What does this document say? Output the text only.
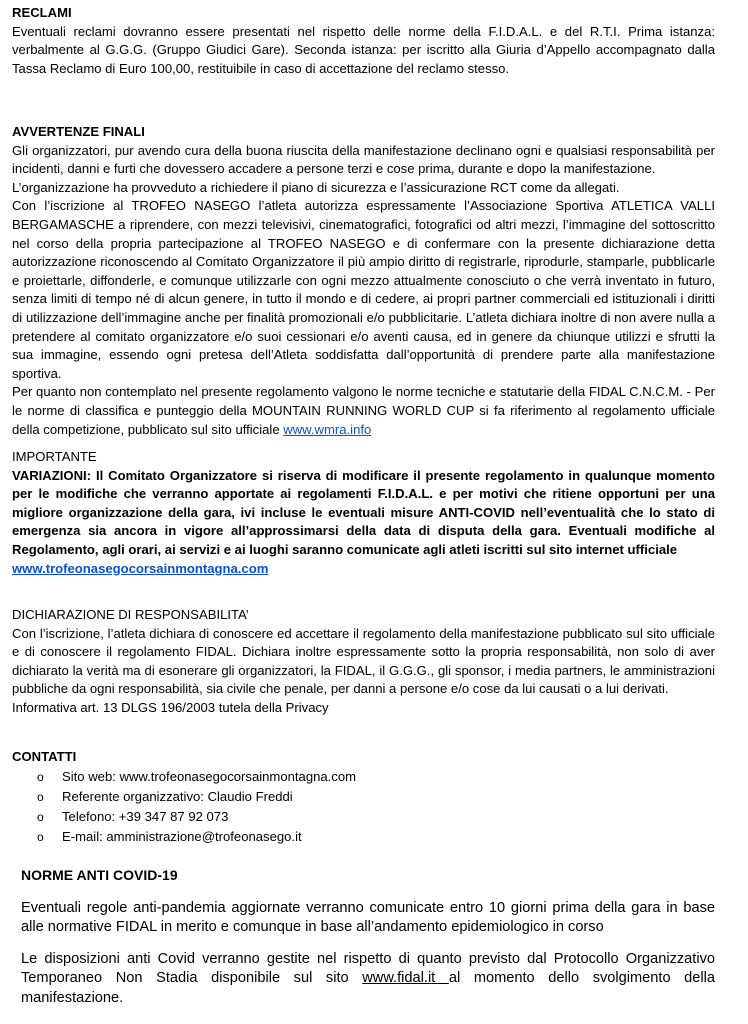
RECLAMI

Eventuali reclami dovranno essere presentati nel rispetto delle norme della F.I.D.A.L. e del R.T.I. Prima istanza: verbalmente al G.G.G. (Gruppo Giudici Gare). Seconda istanza: per iscritto alla Giuria d’Appello accompagnato dalla Tassa Reclamo di Euro 100,00, restituibile in caso di accettazione del reclamo stesso.

AVVERTENZE FINALI

Gli organizzatori, pur avendo cura della buona riuscita della manifestazione declinano ogni e qualsiasi responsabilità per incidenti, danni e furti che dovessero accadere a persone terzi e cose prima, durante e dopo la manifestazione.

L’organizzazione ha provveduto a richiedere il piano di sicurezza e l’assicurazione RCT come da allegati.

Con l’iscrizione al TROFEO NASEGO l’atleta autorizza espressamente l’Associazione Sportiva ATLETICA VALLI BERGAMASCHE a riprendere, con mezzi televisivi, cinematografici, fotografici od altri mezzi, l’immagine del sottoscritto nel corso della propria partecipazione al TROFEO NASEGO e di confermare con la presente dichiarazione detta autorizzazione riconoscendo al Comitato Organizzatore il più ampio diritto di registrarle, riprodurle, stamparle, pubblicarle e proiettarle, diffonderle, e comunque utilizzarle con ogni mezzo attualmente conosciuto o che verrà inventato in futuro, senza limiti di tempo né di alcun genere, in tutto il mondo e di cedere, ai propri partner commerciali ed istituzionali i diritti di utilizzazione dell’immagine anche per finalità promozionali e/o pubblicitarie. L’atleta dichiara inoltre di non avere nulla a pretendere al comitato organizzatore e/o suoi cessionari e/o aventi causa, ed in genere da chiunque utilizzi e sfrutti la sua immagine, essendo ogni pretesa dell’Atleta soddisfatta dall’opportunità di prendere parte alla manifestazione sportiva.

Per quanto non contemplato nel presente regolamento valgono le norme tecniche e statutarie della FIDAL C.N.C.M. - Per le norme di classifica e punteggio della MOUNTAIN RUNNING WORLD CUP si fa riferimento al regolamento ufficiale della competizione, pubblicato sul sito ufficiale www.wmra.info

IMPORTANTE

VARIAZIONI: Il Comitato Organizzatore si riserva di modificare il presente regolamento in qualunque momento per le modifiche che verranno apportate ai regolamenti F.I.D.A.L. e per motivi che ritiene opportuni per una migliore organizzazione della gara, ivi incluse le eventuali misure ANTI-COVID nell’eventualità che lo stato di emergenza sia ancora in vigore all’approssimarsi della data di disputa della gara. Eventuali modifiche al Regolamento, agli orari, ai servizi e ai luoghi saranno comunicate agli atleti iscritti sul sito internet ufficiale

www.trofeonasegocorsainmontagna.com

DICHIARAZIONE DI RESPONSABILITA’

Con l’iscrizione, l’atleta dichiara di conoscere ed accettare il regolamento della manifestazione pubblicato sul sito ufficiale e di conoscere il regolamento FIDAL. Dichiara inoltre espressamente sotto la propria responsabilità, non solo di aver dichiarato la verità ma di esonerare gli organizzatori, la FIDAL, il G.G.G., gli sponsor, i media partners, le amministrazioni pubbliche da ogni responsabilità, sia civile che penale, per danni a persone e/o cose da lui causati o a lui derivati.

Informativa art. 13 DLGS 196/2003 tutela della Privacy

CONTATTI

o Sito web: www.trofeonasegocorsainmontagna.com
o Referente organizzativo: Claudio Freddi
o Telefono: +39 347 87 92 073
o E-mail: amministrazione@trofeonasego.it

NORME ANTI COVID-19

Eventuali regole anti-pandemia aggiornate verranno comunicate entro 10 giorni prima della gara in base alle normative FIDAL in merito e comunque in base all’andamento epidemiologico in corso

Le disposizioni anti Covid verranno gestite nel rispetto di quanto previsto dal Protocollo Organizzativo Temporaneo Non Stadia disponibile sul sito www.fidal.it al momento dello svolgimento della manifestazione.
